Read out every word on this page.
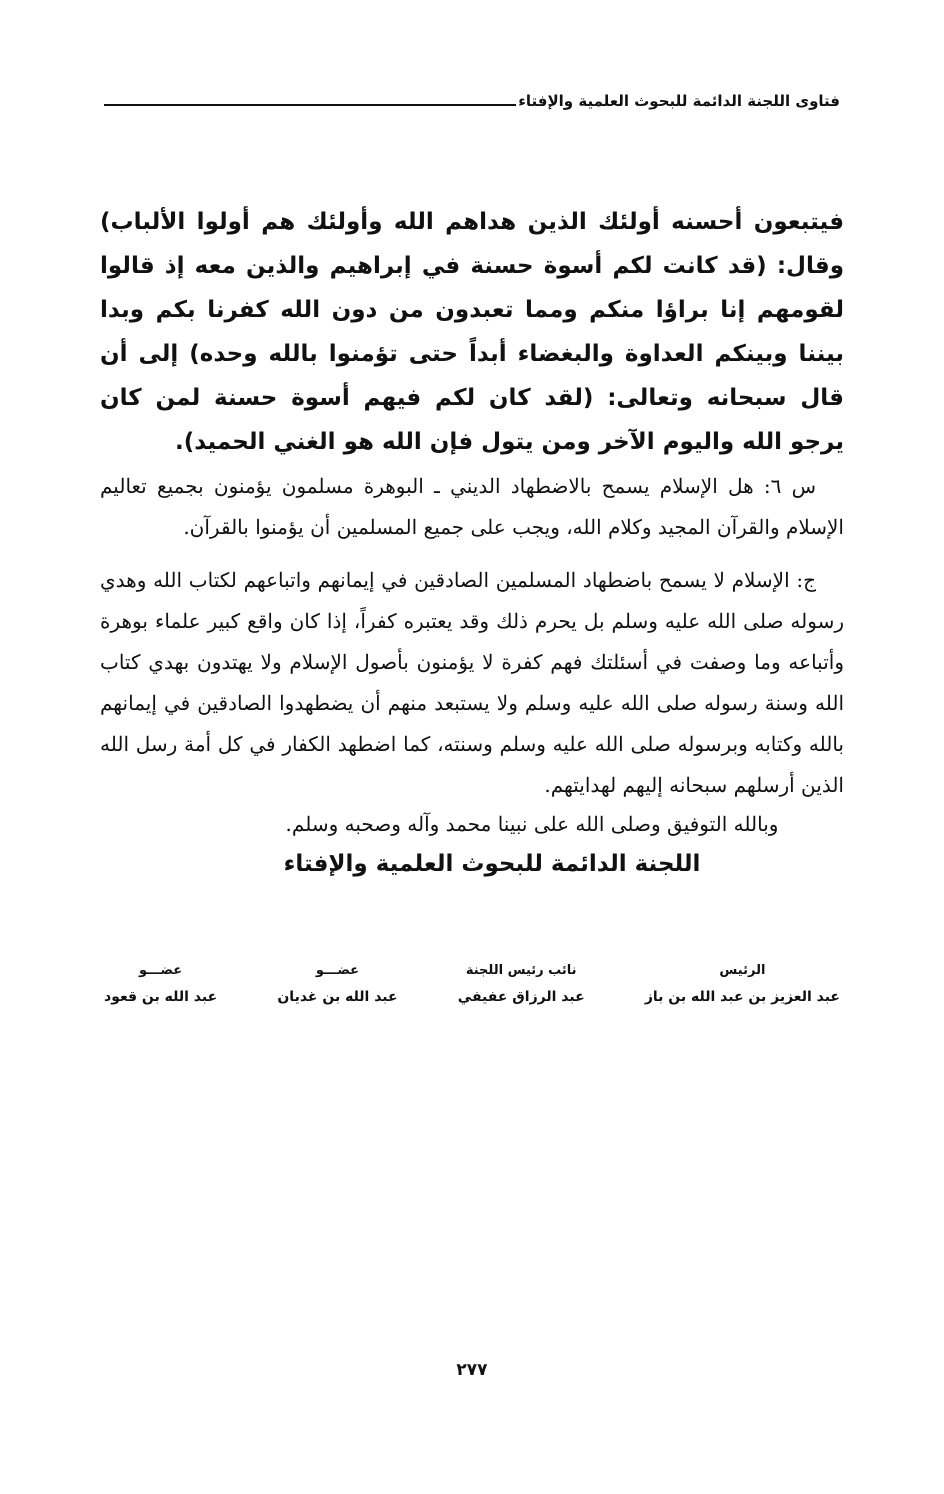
فتاوى اللجنة الدائمة للبحوث العلمية والإفتاء

فيتبعون أحسنه أولئك الذين هداهم الله وأولئك هم أولوا الألباب) وقال: (قد كانت لكم أسوة حسنة في إبراهيم والذين معه إذ قالوا لقومهم إنا براؤا منكم ومما تعبدون من دون الله كفرنا بكم وبدا بيننا وبينكم العداوة والبغضاء أبداً حتى تؤمنوا بالله وحده) إلى أن قال سبحانه وتعالى: (لقد كان لكم فيهم أسوة حسنة لمن كان يرجو الله واليوم الآخر ومن يتول فإن الله هو الغني الحميد).

س ٦: هل الإسلام يسمح بالاضطهاد الديني ـ البوهرة مسلمون يؤمنون بجميع تعاليم الإسلام والقرآن المجيد وكلام الله، ويجب على جميع المسلمين أن يؤمنوا بالقرآن.

ج: الإسلام لا يسمح باضطهاد المسلمين الصادقين في إيمانهم واتباعهم لكتاب الله وهدي رسوله صلى الله عليه وسلم بل يحرم ذلك وقد يعتبره كفراً، إذا كان واقع كبير علماء بوهرة وأتباعه وما وصفت في أسئلتك فهم كفرة لا يؤمنون بأصول الإسلام ولا يهتدون بهدي كتاب الله وسنة رسوله صلى الله عليه وسلم ولا يستبعد منهم أن يضطهدوا الصادقين في إيمانهم بالله وكتابه وبرسوله صلى الله عليه وسلم وسنته، كما اضطهد الكفار في كل أمة رسل الله الذين أرسلهم سبحانه إليهم لهدايتهم.

وبالله التوفيق وصلى الله على نبينا محمد وآله وصحبه وسلم.

اللجنة الدائمة للبحوث العلمية والإفتاء

الرئيس
عبد العزيز بن عبد الله بن باز
نائب رئيس اللجنة
عبد الرزاق عفيفي
عضـــو
عبد الله بن غديان
عضـــو
عبد الله بن قعود
٢٧٧
